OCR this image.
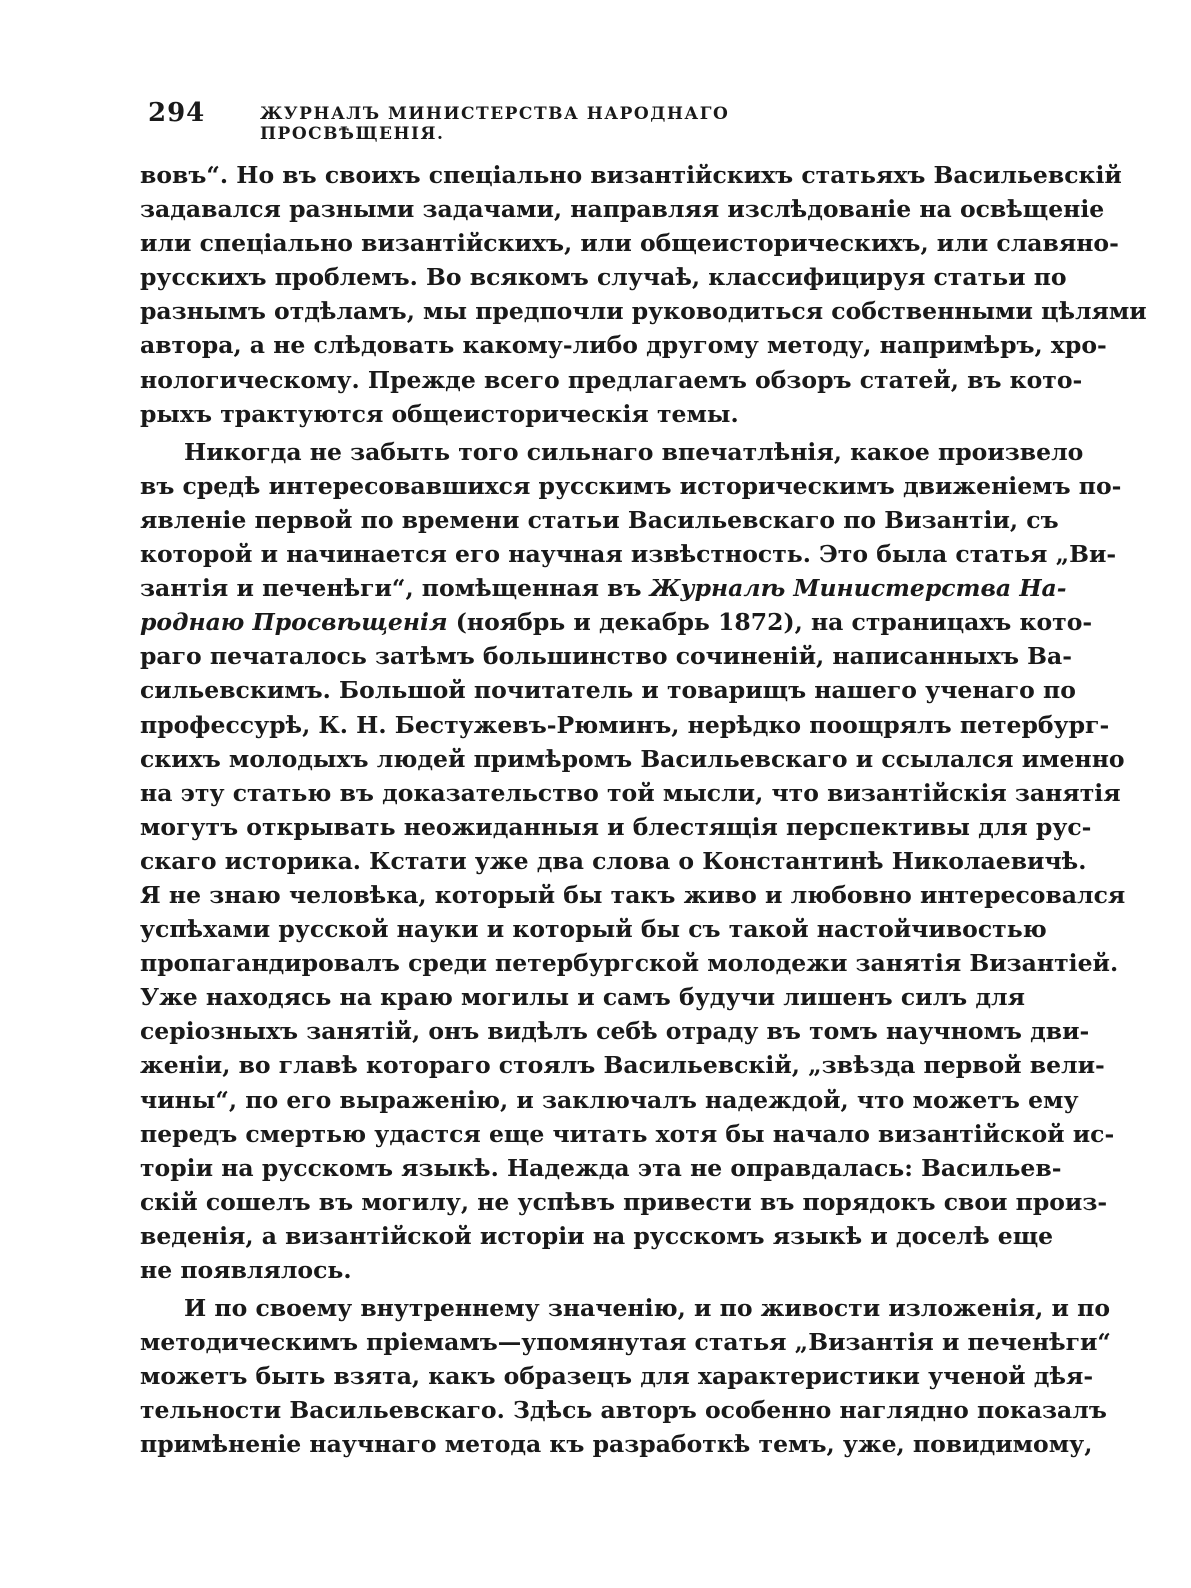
294	ЖУРНАЛЪ МИНИСТЕРСТВА НАРОДНАГО ПРОСВѢЩЕНІЯ.
вовъ“. Но въ своихъ спеціально византійскихъ статьяхъ Васильевскій
задавался разными задачами, направляя изслѣдованіе на освѣщеніе
или спеціально византійскихъ, или общеисторическихъ, или славяно-
русскихъ проблемъ. Во всякомъ случаѣ, классифицируя статьи по
разнымъ отдѣламъ, мы предпочли руководиться собственными цѣлями
автора, а не слѣдовать какому-либо другому методу, напримѣръ, хро-
нологическому. Прежде всего предлагаемъ обзоръ статей, въ кото-
рыхъ трактуются общеисторическія темы.
Никогда не забыть того сильнаго впечатлѣнія, какое произвело
въ средѣ интересовавшихся русскимъ историческимъ движеніемъ по-
явленіе первой по времени статьи Васильевскаго по Византіи, съ
которой и начинается его научная извѣстность. Это была статья „Ви-
зантія и печенѣги“, помѣщенная въ Журналѣ Министерства На-
роднаю Просвѣщенія (ноябрь и декабрь 1872), на страницахъ кото-
раго печаталось затѣмъ большинство сочиненій, написанныхъ Ва-
сильевскимъ. Большой почитатель и товарищъ нашего ученаго по
профессурѣ, К. Н. Бестужевъ-Рюминъ, нерѣдко поощрялъ петербург-
скихъ молодыхъ людей примѣромъ Васильевскаго и ссылался именно
на эту статью въ доказательство той мысли, что византійскія занятія
могутъ открывать неожиданныя и блестящія перспективы для рус-
скаго историка. Кстати уже два слова о Константинѣ Николаевичѣ.
Я не знаю человѣка, который бы такъ живо и любовно интересовался
успѣхами русской науки и который бы съ такой настойчивостью
пропагандировалъ среди петербургской молодежи занятія Византіей.
Уже находясь на краю могилы и самъ будучи лишенъ силъ для
серіозныхъ занятій, онъ видѣлъ себѣ отраду въ томъ научномъ дви-
женіи, во главѣ котораго стоялъ Васильевскій, „звѣзда первой вели-
чины“, по его выраженію, и заключалъ надеждой, что можетъ ему
передъ смертью удастся еще читать хотя бы начало византійской ис-
торіи на русскомъ языкѣ. Надежда эта не оправдалась: Васильев-
скій сошелъ въ могилу, не успѣвъ привести въ порядокъ свои произ-
веденія, а византійской исторіи на русскомъ языкѣ и доселѣ еще
не появлялось.
И по своему внутреннему значенію, и по живости изложенія, и по
методическимъ пріемамъ—упомянутая статья „Византія и печенѣги“
можетъ быть взята, какъ образецъ для характеристики ученой дѣя-
тельности Васильевскаго. Здѣсь авторъ особенно наглядно показалъ
примѣненіе научнаго метода къ разработкѣ темъ, уже, повидимому,
